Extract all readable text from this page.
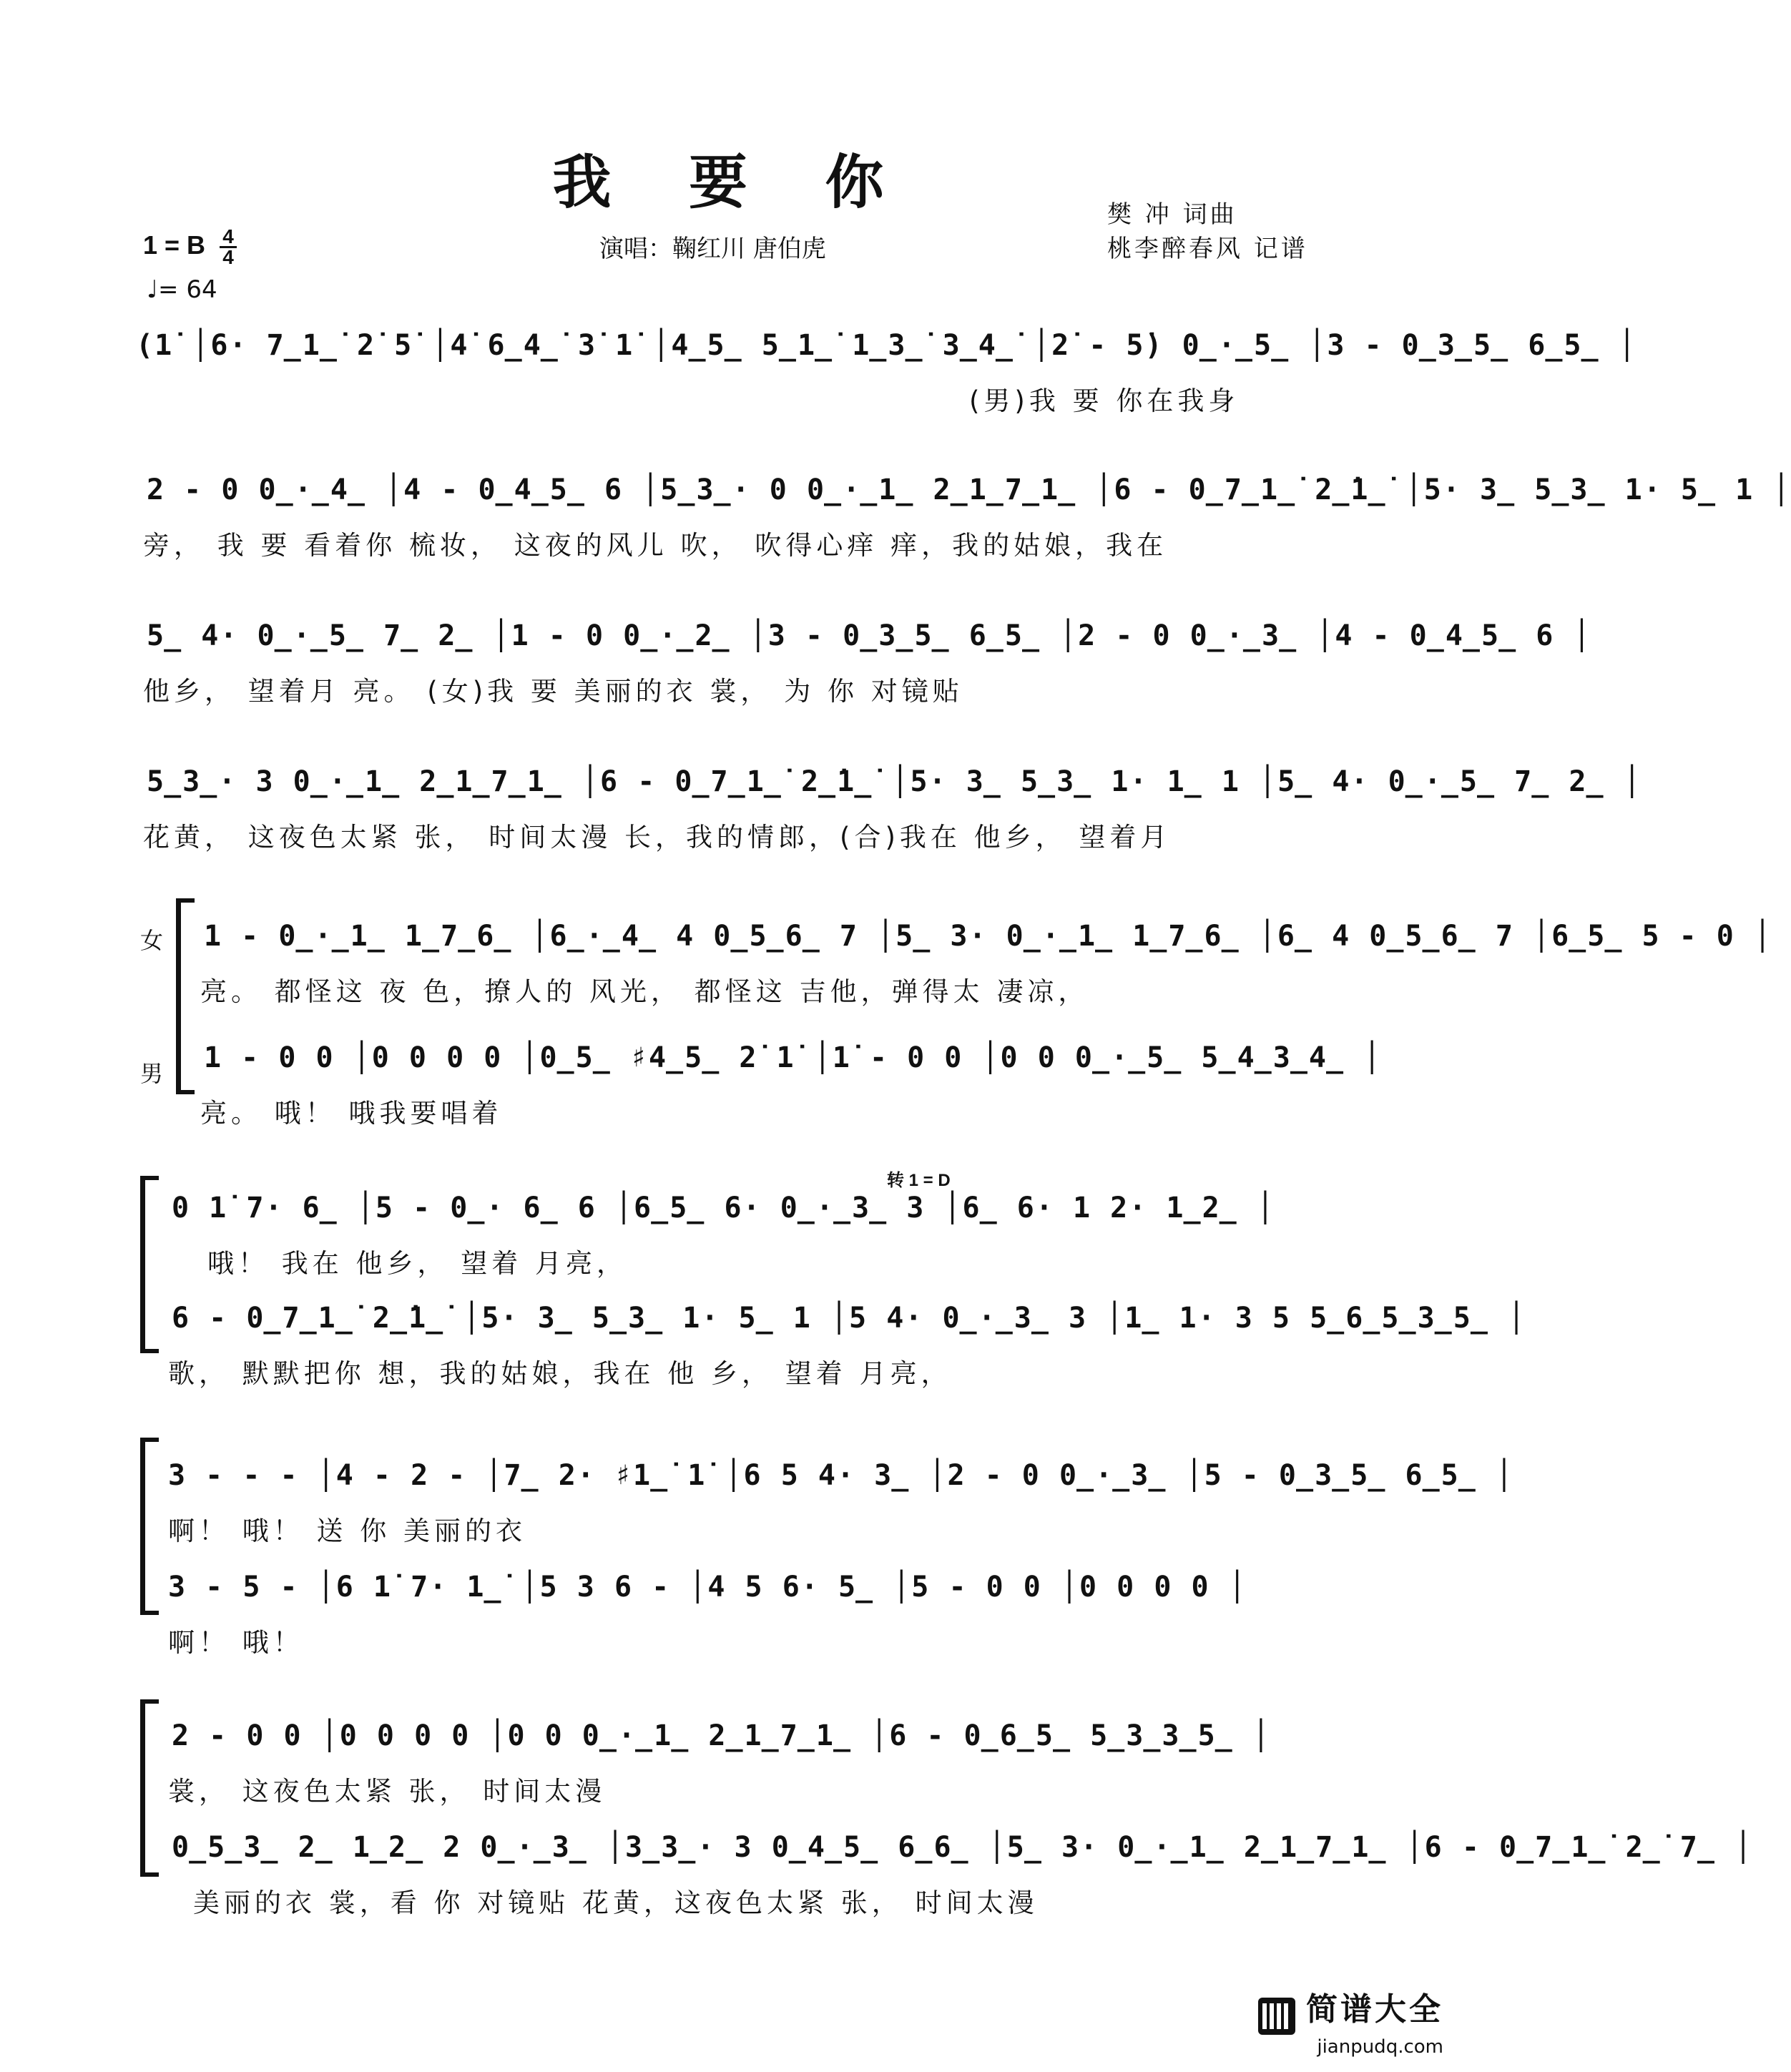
我 要 你
1 = B $\frac{4}{4}$
♩= 64
演唱：鞠红川 唐伯虎
樊 冲 词曲
桃李醉春风 记谱
(1̇ │6· 7̲1̲̇ 2̇ 5̇ │4̇ 6̲4̲̇ 3̇ 1̇ │4̲5̲ 5̲1̲̇ 1̲3̲̇ 3̲4̲̇ │2̇ - 5̇) 0̲·̲5̲ │3 - 0̲3̲5̲ 6̲5̲ │
(男)我 要 你在我身
2 - 0 0̲·̲4̲ │4 - 0̲4̲5̲ 6 │5̲3̲· 0 0̲·̲1̲ 2̲1̲7̲1̲ │6 - 0̲7̲1̲̇ 2̲̇1̲̇ │5· 3̲ 5̲3̲ 1· 5̲ 1 │
旁， 我 要 看着你 梳妆， 这夜的风儿 吹， 吹得心痒 痒，我的姑娘，我在
5̲ 4· 0̲·̲5̲ 7̲ 2̲ │1 - 0 0̲·̲2̲ │3 - 0̲3̲5̲ 6̲5̲ │2 - 0 0̲·̲3̲ │4 - 0̲4̲5̲ 6 │
他乡， 望着月 亮。 (女)我 要 美丽的衣 裳， 为 你 对镜贴
5̲3̲· 3 0̲·̲1̲ 2̲1̲7̲1̲ │6 - 0̲7̲1̲̇ 2̲̇1̲̇ │5· 3̲ 5̲3̲ 1· 1̲ 1 │5̲ 4· 0̲·̲5̲ 7̲ 2̲ │
花黄， 这夜色太紧 张， 时间太漫 长，我的情郎，(合)我在 他乡， 望着月
女
男
1 - 0̲·̲1̲ 1̲7̲6̲ │6̲·̲4̲ 4 0̲5̲6̲ 7 │5̲ 3· 0̲·̲1̲ 1̲7̲6̲ │6̲ 4 0̲5̲6̲ 7 │6̲5̲ 5 - 0 │
亮。 都怪这 夜 色，撩人的 风光， 都怪这 吉他，弹得太 凄凉，
1 - 0 0 │0 0 0 0 │0̲5̲ ♯4̲5̲ 2̇ 1̇ │1̇ - 0 0 │0 0 0̲·̲5̲ 5̲4̲3̲4̲ │
亮。 哦！ 哦我要唱着
转 1 = D
0 1̇ 7· 6̲ │5 - 0̲· 6̲ 6 │6̲5̲ 6· 0̲·̲3̲ 3 │6̲ 6· 1 2· 1̲2̲ │
哦！ 我在 他乡， 望着 月亮，
6 - 0̲7̲1̲̇ 2̲̇1̲̇ │5· 3̲ 5̲3̲ 1· 5̲ 1 │5 4· 0̲·̲3̲ 3 │1̲ 1· 3 5 5̲6̲5̲3̲5̲ │
歌， 默默把你 想，我的姑娘，我在 他 乡， 望着 月亮，
3 - - - │4 - 2 - │7̲ 2· ♯1̲̇ 1̇ │6 5 4· 3̲ │2 - 0 0̲·̲3̲ │5 - 0̲3̲5̲ 6̲5̲ │
啊！ 哦！ 送 你 美丽的衣
3 - 5 - │6 1̇ 7· 1̲̇ │5 3 6 - │4 5 6· 5̲ │5 - 0 0 │0 0 0 0 │
啊！ 哦！
2 - 0 0 │0 0 0 0 │0 0 0̲·̲1̲ 2̲1̲7̲1̲ │6 - 0̲6̲5̲ 5̲3̲3̲5̲ │
裳， 这夜色太紧 张， 时间太漫
0̲5̲3̲ 2̲ 1̲2̲ 2 0̲·̲3̲ │3̲3̲· 3 0̲4̲5̲ 6̲6̲ │5̲ 3· 0̲·̲1̲ 2̲1̲7̲1̲ │6 - 0̲7̲1̲̇ 2̲̇ 7̲ │
美丽的衣 裳，看 你 对镜贴 花黄，这夜色太紧 张， 时间太漫
简谱大全
jianpudq.com
